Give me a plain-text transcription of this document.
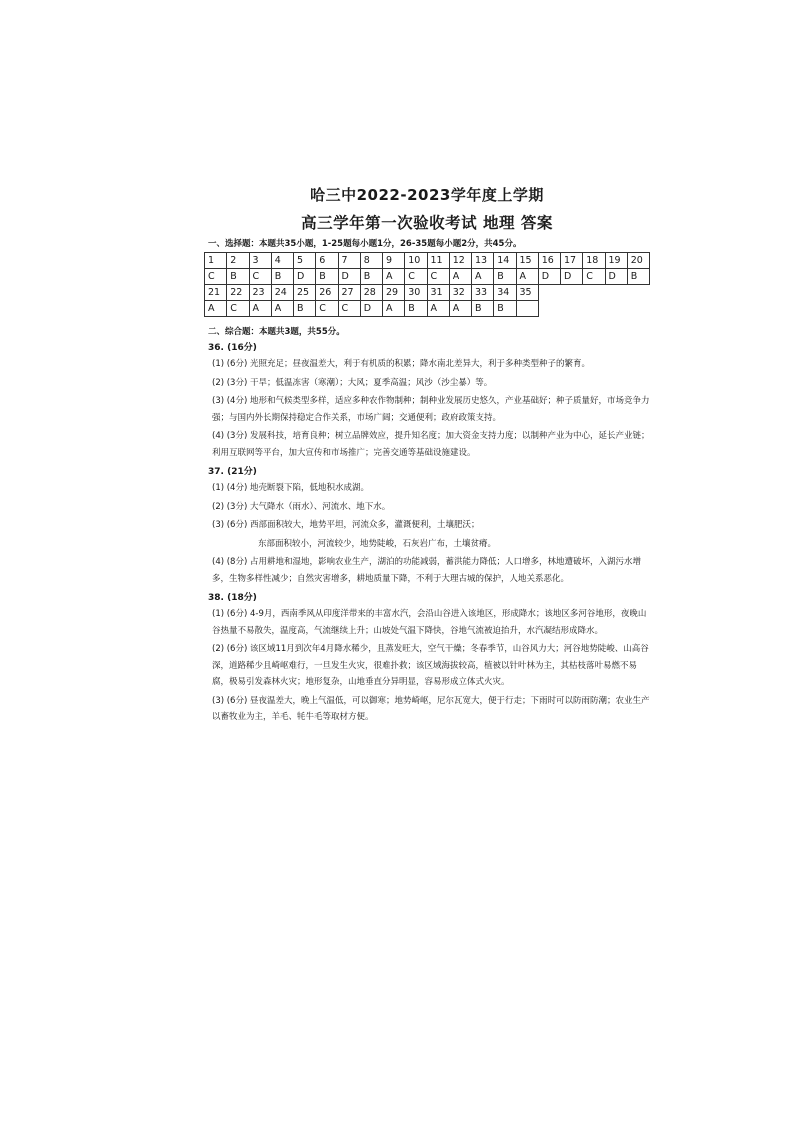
哈三中2022-2023学年度上学期
高三学年第一次验收考试 地理 答案
一、选择题：本题共35小题，1-25题每小题1分，26-35题每小题2分，共45分。
1	2	3	4	5	6	7	8	9	10	11	12	13	14	15	16	17	18	19	20
C	B	C	B	D	B	D	B	A	C	C	A	A	B	A	D	D	C	D	B
21	22	23	24	25	26	27	28	29	30	31	32	33	34	35					
A	C	A	A	B	C	C	D	A	B	A	A	B	B						
二、综合题：本题共3题，共55分。
36. (16分)
(1) (6分) 光照充足；昼夜温差大，利于有机质的积累；降水南北差异大，利于多种类型种子的繁育。
(2) (3分) 干旱；低温冻害（寒潮）；大风；夏季高温；风沙（沙尘暴）等。
(3) (4分) 地形和气候类型多样，适应多种农作物制种；制种业发展历史悠久，产业基础好；种子质量好，市场竞争力强；与国内外长期保持稳定合作关系，市场广阔；交通便利；政府政策支持。
(4) (3分) 发展科技，培育良种；树立品牌效应，提升知名度；加大资金支持力度；以制种产业为中心，延长产业链；利用互联网等平台，加大宣传和市场推广；完善交通等基础设施建设。
37. (21分)
(1) (4分) 地壳断裂下陷，低地积水成湖。
(2) (3分) 大气降水（雨水）、河流水、地下水。
(3) (6分) 西部面积较大，地势平坦，河流众多，灌溉便利，土壤肥沃；
东部面积较小，河流较少，地势陡峻，石灰岩广布，土壤贫瘠。
(4) (8分) 占用耕地和湿地，影响农业生产，湖泊的功能减弱，蓄洪能力降低；人口增多，林地遭破坏，入湖污水增多，生物多样性减少；自然灾害增多，耕地质量下降，不利于大理古城的保护，人地关系恶化。
38. (18分)
(1) (6分) 4-9月，西南季风从印度洋带来的丰富水汽，会沿山谷进入该地区，形成降水；该地区多河谷地形，夜晚山谷热量不易散失，温度高，气流继续上升；山坡处气温下降快，谷地气流被迫抬升，水汽凝结形成降水。
(2) (6分) 该区域11月到次年4月降水稀少，且蒸发旺大，空气干燥；冬春季节，山谷风力大；河谷地势陡峻、山高谷深，道路稀少且崎岖难行，一旦发生火灾，很难扑救；该区域海拔较高，植被以针叶林为主，其枯枝落叶易燃不易腐，极易引发森林火灾；地形复杂，山地垂直分异明显，容易形成立体式火灾。
(3) (6分) 昼夜温差大，晚上气温低，可以御寒；地势崎岖，尼尔瓦宽大，便于行走；下雨时可以防雨防潮；农业生产以畜牧业为主，羊毛、牦牛毛等取材方便。
